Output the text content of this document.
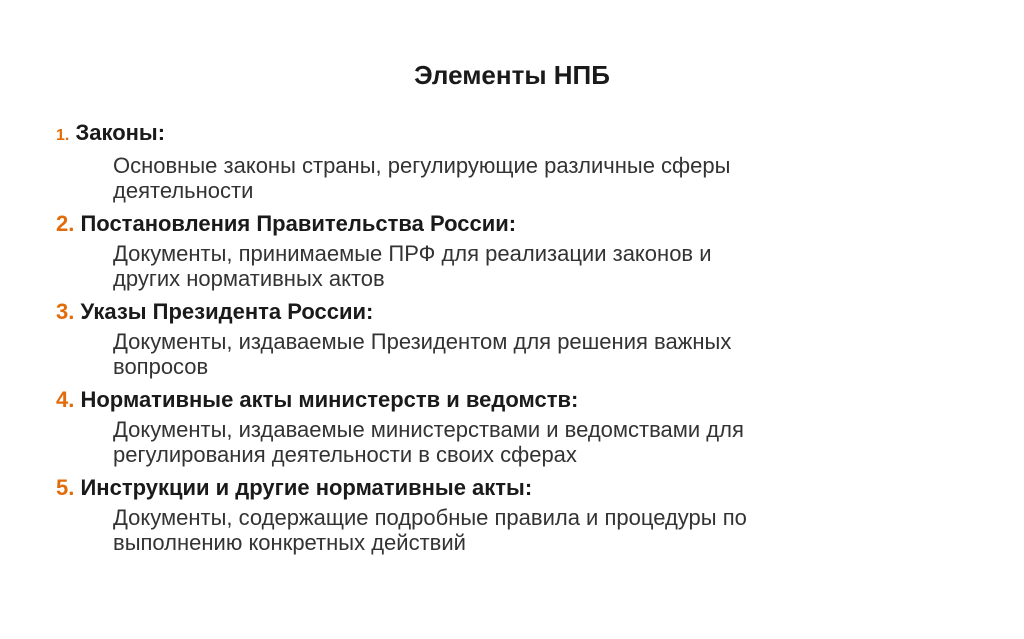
Элементы НПБ
1. Законы:
Основные законы страны, регулирующие различные сферы
деятельности
2. Постановления Правительства России:
Документы, принимаемые ПРФ для реализации законов и
других нормативных актов
3. Указы Президента России:
Документы, издаваемые Президентом для решения важных
вопросов
4. Нормативные акты министерств и ведомств:
Документы, издаваемые министерствами и ведомствами для
регулирования деятельности в своих сферах
5. Инструкции и другие нормативные акты:
Документы, содержащие подробные правила и процедуры по
выполнению конкретных действий
